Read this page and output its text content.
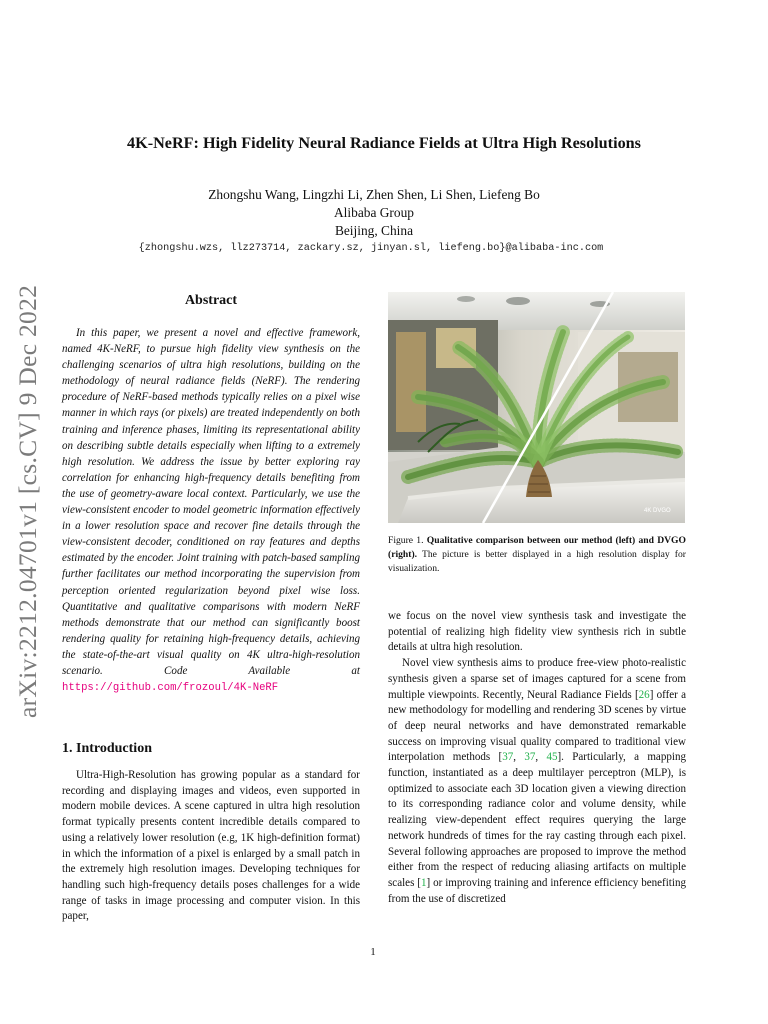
arXiv:2212.04701v1 [cs.CV] 9 Dec 2022
4K-NeRF: High Fidelity Neural Radiance Fields at Ultra High Resolutions
Zhongshu Wang, Lingzhi Li, Zhen Shen, Li Shen, Liefeng Bo
Alibaba Group
Beijing, China
{zhongshu.wzs, llz273714, zackary.sz, jinyan.sl, liefeng.bo}@alibaba-inc.com
Abstract

In this paper, we present a novel and effective framework, named 4K-NeRF, to pursue high fidelity view synthesis on the challenging scenarios of ultra high resolutions, building on the methodology of neural radiance fields (NeRF). The rendering procedure of NeRF-based methods typically relies on a pixel wise manner in which rays (or pixels) are treated independently on both training and inference phases, limiting its representational ability on describing subtle details especially when lifting to a extremely high resolution. We address the issue by better exploring ray correlation for enhancing high-frequency details benefiting from the use of geometry-aware local context. Particularly, we use the view-consistent encoder to model geometric information effectively in a lower resolution space and recover fine details through the view-consistent decoder, conditioned on ray features and depths estimated by the encoder. Joint training with patch-based sampling further facilitates our method incorporating the supervision from perception oriented regularization beyond pixel wise loss. Quantitative and qualitative comparisons with modern NeRF methods demonstrate that our method can significantly boost rendering quality for retaining high-frequency details, achieving the state-of-the-art visual quality on 4K ultra-high-resolution scenario. Code Available at https://github.com/frozoul/4K-NeRF

4K DVGO
Figure 1. Qualitative comparison between our method (left) and DVGO (right). The picture is better displayed in a high resolution display for visualization.
1. Introduction

Ultra-High-Resolution has growing popular as a standard for recording and displaying images and videos, even supported in modern mobile devices. A scene captured in ultra high resolution format typically presents content incredible details compared to using a relatively lower resolution (e.g, 1K high-definition format) in which the information of a pixel is enlarged by a small patch in the extremely high resolution images. Developing techniques for handling such high-frequency details poses challenges for a wide range of tasks in image processing and computer vision. In this paper,

we focus on the novel view synthesis task and investigate the potential of realizing high fidelity view synthesis rich in subtle details at ultra high resolution.

Novel view synthesis aims to produce free-view photo-realistic synthesis given a sparse set of images captured for a scene from multiple viewpoints. Recently, Neural Radiance Fields [26] offer a new methodology for modelling and rendering 3D scenes by virtue of deep neural networks and have demonstrated remarkable success on improving visual quality compared to traditional view interpolation methods [37, 37, 45]. Particularly, a mapping function, instantiated as a deep multilayer perceptron (MLP), is optimized to associate each 3D location given a viewing direction to its corresponding radiance color and volume density, while realizing view-dependent effect requires querying the large network hundreds of times for the ray casting through each pixel. Several following approaches are proposed to improve the method either from the respect of reducing aliasing artifacts on multiple scales [1] or improving training and inference efficiency benefiting from the use of discretized

1
